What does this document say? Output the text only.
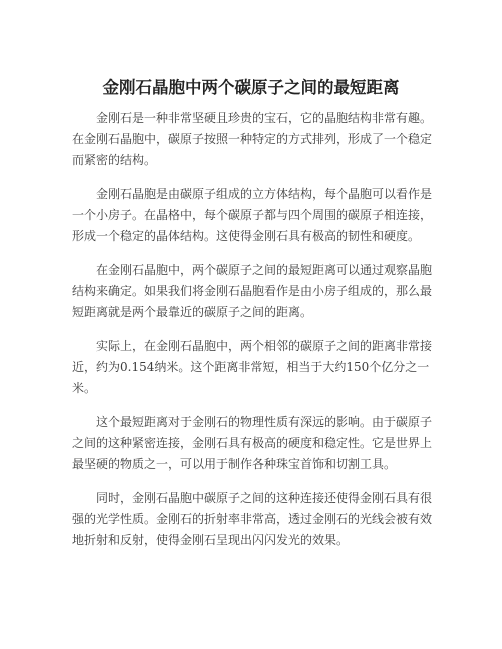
金刚石晶胞中两个碳原子之间的最短距离

金刚石是一种非常坚硬且珍贵的宝石，它的晶胞结构非常有趣。在金刚石晶胞中，碳原子按照一种特定的方式排列，形成了一个稳定而紧密的结构。

金刚石晶胞是由碳原子组成的立方体结构，每个晶胞可以看作是一个小房子。在晶格中，每个碳原子都与四个周围的碳原子相连接，形成一个稳定的晶体结构。这使得金刚石具有极高的韧性和硬度。

在金刚石晶胞中，两个碳原子之间的最短距离可以通过观察晶胞结构来确定。如果我们将金刚石晶胞看作是由小房子组成的，那么最短距离就是两个最靠近的碳原子之间的距离。

实际上，在金刚石晶胞中，两个相邻的碳原子之间的距离非常接近，约为0.154纳米。这个距离非常短，相当于大约150个亿分之一米。

这个最短距离对于金刚石的物理性质有深远的影响。由于碳原子之间的这种紧密连接，金刚石具有极高的硬度和稳定性。它是世界上最坚硬的物质之一，可以用于制作各种珠宝首饰和切割工具。

同时，金刚石晶胞中碳原子之间的这种连接还使得金刚石具有很强的光学性质。金刚石的折射率非常高，透过金刚石的光线会被有效地折射和反射，使得金刚石呈现出闪闪发光的效果。
